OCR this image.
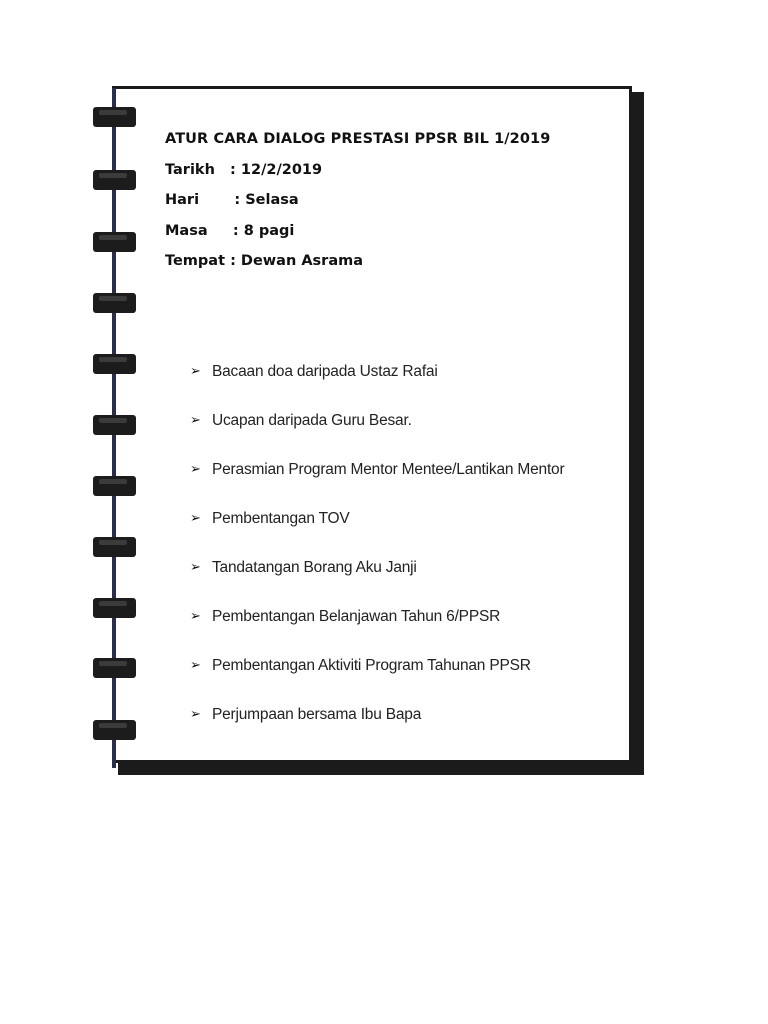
ATUR CARA DIALOG PRESTASI PPSR BIL 1/2019
Tarikh   : 12/2/2019
Hari       : Selasa
Masa     : 8 pagi
Tempat : Dewan Asrama
➢ Bacaan doa daripada Ustaz Rafai
➢ Ucapan daripada Guru Besar.
➢ Perasmian Program Mentor Mentee/Lantikan Mentor
➢ Pembentangan TOV
➢ Tandatangan Borang Aku Janji
➢ Pembentangan Belanjawan Tahun 6/PPSR
➢ Pembentangan Aktiviti Program Tahunan PPSR
➢ Perjumpaan bersama Ibu Bapa
